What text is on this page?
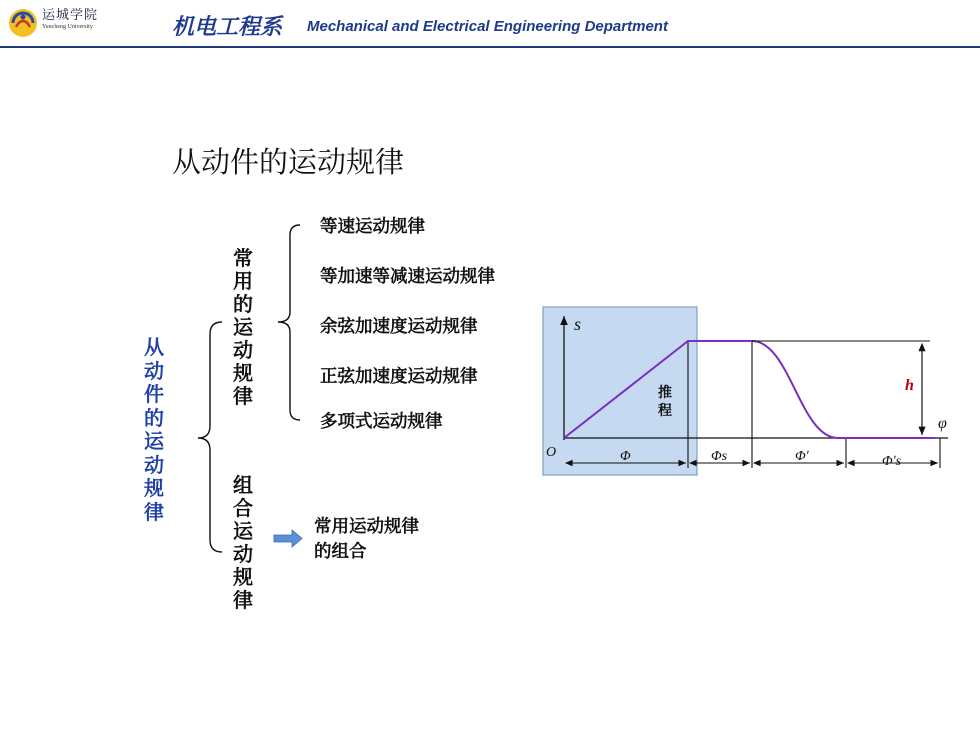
运城学院
Yuncheng University	机电工程系 Mechanical and Electrical Engineering Department
从动件的运动规律
从
动
件
的
运
动
规
律
常
用
的
运
动
规
律
组
合
运
动
规
律
等速运动规律
等加速等减速运动规律
余弦加速度运动规律
正弦加速度运动规律
多项式运动规律
常用运动规律的组合
s
O
φ
h
Φ	Φs	Φʹ	Φʹs
推
程
